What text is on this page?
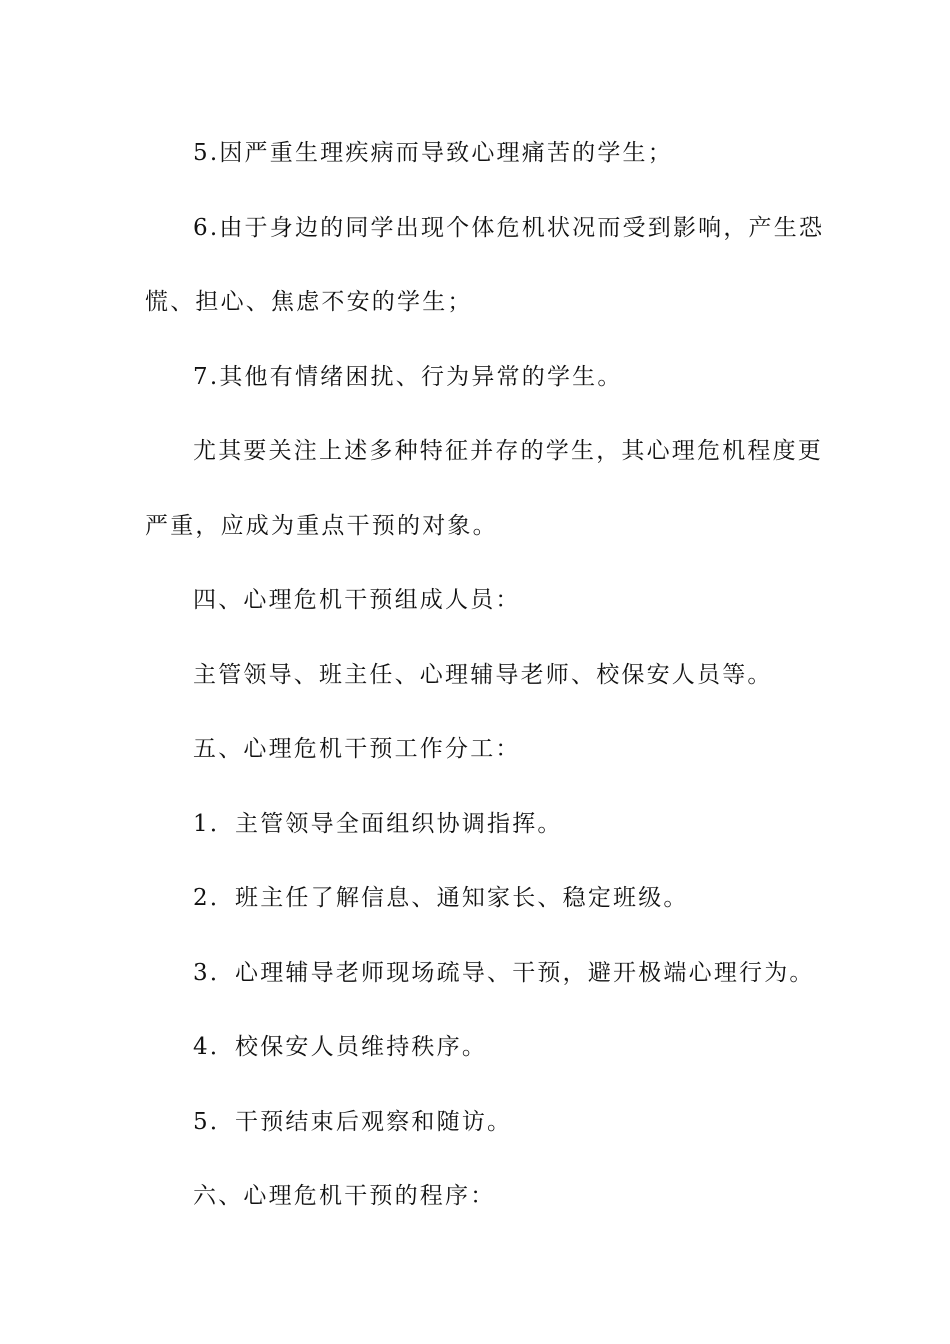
5.因严重生理疾病而导致心理痛苦的学生；
6.由于身边的同学出现个体危机状况而受到影响，产生恐
慌、担心、焦虑不安的学生；
7.其他有情绪困扰、行为异常的学生。
尤其要关注上述多种特征并存的学生，其心理危机程度更
严重，应成为重点干预的对象。
四、心理危机干预组成人员：
主管领导、班主任、心理辅导老师、校保安人员等。
五、心理危机干预工作分工：
1．主管领导全面组织协调指挥。
2．班主任了解信息、通知家长、稳定班级。
3．心理辅导老师现场疏导、干预，避开极端心理行为。
4．校保安人员维持秩序。
5．干预结束后观察和随访。
六、心理危机干预的程序：
